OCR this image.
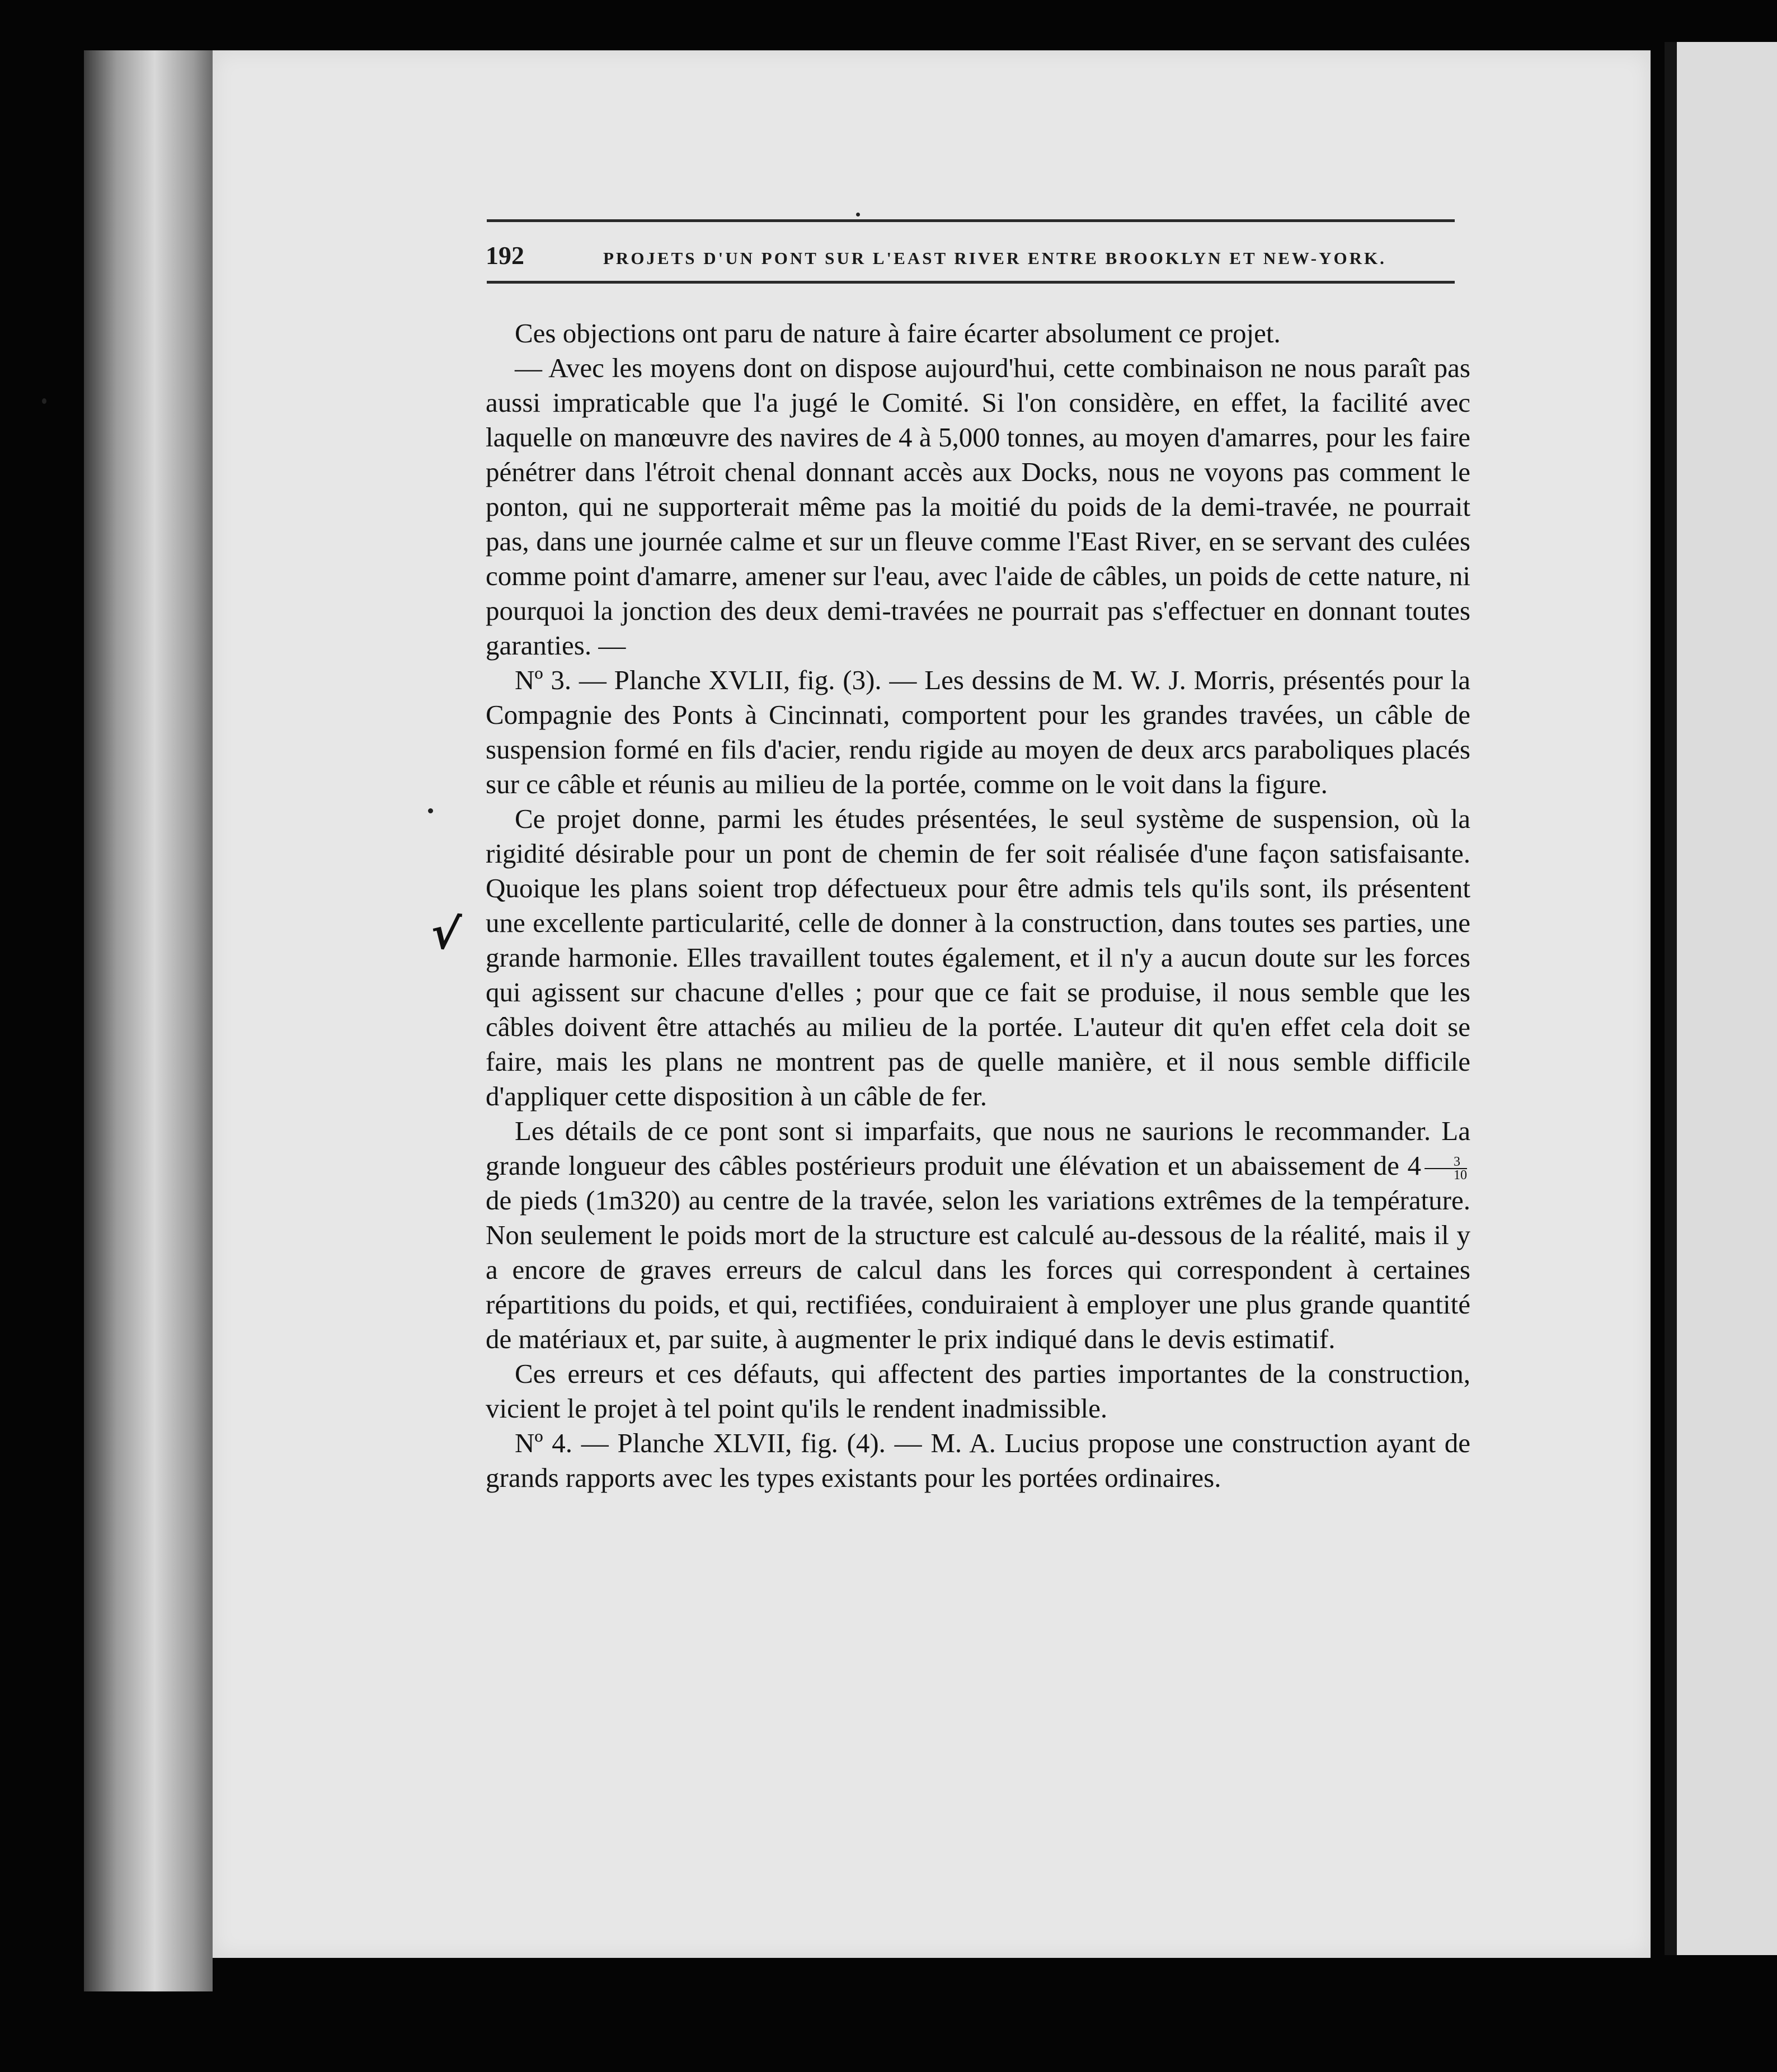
192	PROJETS D'UN PONT SUR L'EAST RIVER ENTRE BROOKLYN ET NEW-YORK.

Ces objections ont paru de nature à faire écarter absolument ce projet.

— Avec les moyens dont on dispose aujourd'hui, cette combinaison ne nous paraît pas aussi impraticable que l'a jugé le Comité. Si l'on considère, en effet, la facilité avec laquelle on manœuvre des navires de 4 à 5,000 tonnes, au moyen d'amarres, pour les faire pénétrer dans l'étroit chenal donnant accès aux Docks, nous ne voyons pas comment le ponton, qui ne supporterait même pas la moitié du poids de la demi-travée, ne pourrait pas, dans une journée calme et sur un fleuve comme l'East River, en se servant des culées comme point d'amarre, amener sur l'eau, avec l'aide de câbles, un poids de cette nature, ni pourquoi la jonction des deux demi-travées ne pourrait pas s'effectuer en donnant toutes garanties. —

Nº 3. — Planche XVLII, fig. (3). — Les dessins de M. W. J. Morris, présentés pour la Compagnie des Ponts à Cincinnati, comportent pour les grandes travées, un câble de suspension formé en fils d'acier, rendu rigide au moyen de deux arcs paraboliques placés sur ce câble et réunis au milieu de la portée, comme on le voit dans la figure.

Ce projet donne, parmi les études présentées, le seul système de suspension, où la rigidité désirable pour un pont de chemin de fer soit réalisée d'une façon satisfaisante. Quoique les plans soient trop défectueux pour être admis tels qu'ils sont, ils présentent une excellente particularité, celle de donner à la construction, dans toutes ses parties, une grande harmonie. Elles travaillent toutes également, et il n'y a aucun doute sur les forces qui agissent sur chacune d'elles ; pour que ce fait se produise, il nous semble que les câbles doivent être attachés au milieu de la portée. L'auteur dit qu'en effet cela doit se faire, mais les plans ne montrent pas de quelle manière, et il nous semble difficile d'appliquer cette disposition à un câble de fer.

Les détails de ce pont sont si imparfaits, que nous ne saurions le recommander. La grande longueur des câbles postérieurs produit une élévation et un abaissement de $4 \frac{3}{10}$
de pieds (1m320) au centre de la travée, selon les variations extrêmes de la température. Non seulement le poids mort de la structure est calculé au-dessous de la réalité, mais il y a encore de graves erreurs de calcul dans les forces qui correspondent à certaines répartitions du poids, et qui, rectifiées, conduiraient à employer une plus grande quantité de matériaux et, par suite, à augmenter le prix indiqué dans le devis estimatif.

Ces erreurs et ces défauts, qui affectent des parties importantes de la construction, vicient le projet à tel point qu'ils le rendent inadmissible.

Nº 4. — Planche XLVII, fig. (4). — M. A. Lucius propose une construction ayant de grands rapports avec les types existants pour les portées ordinaires.

√
